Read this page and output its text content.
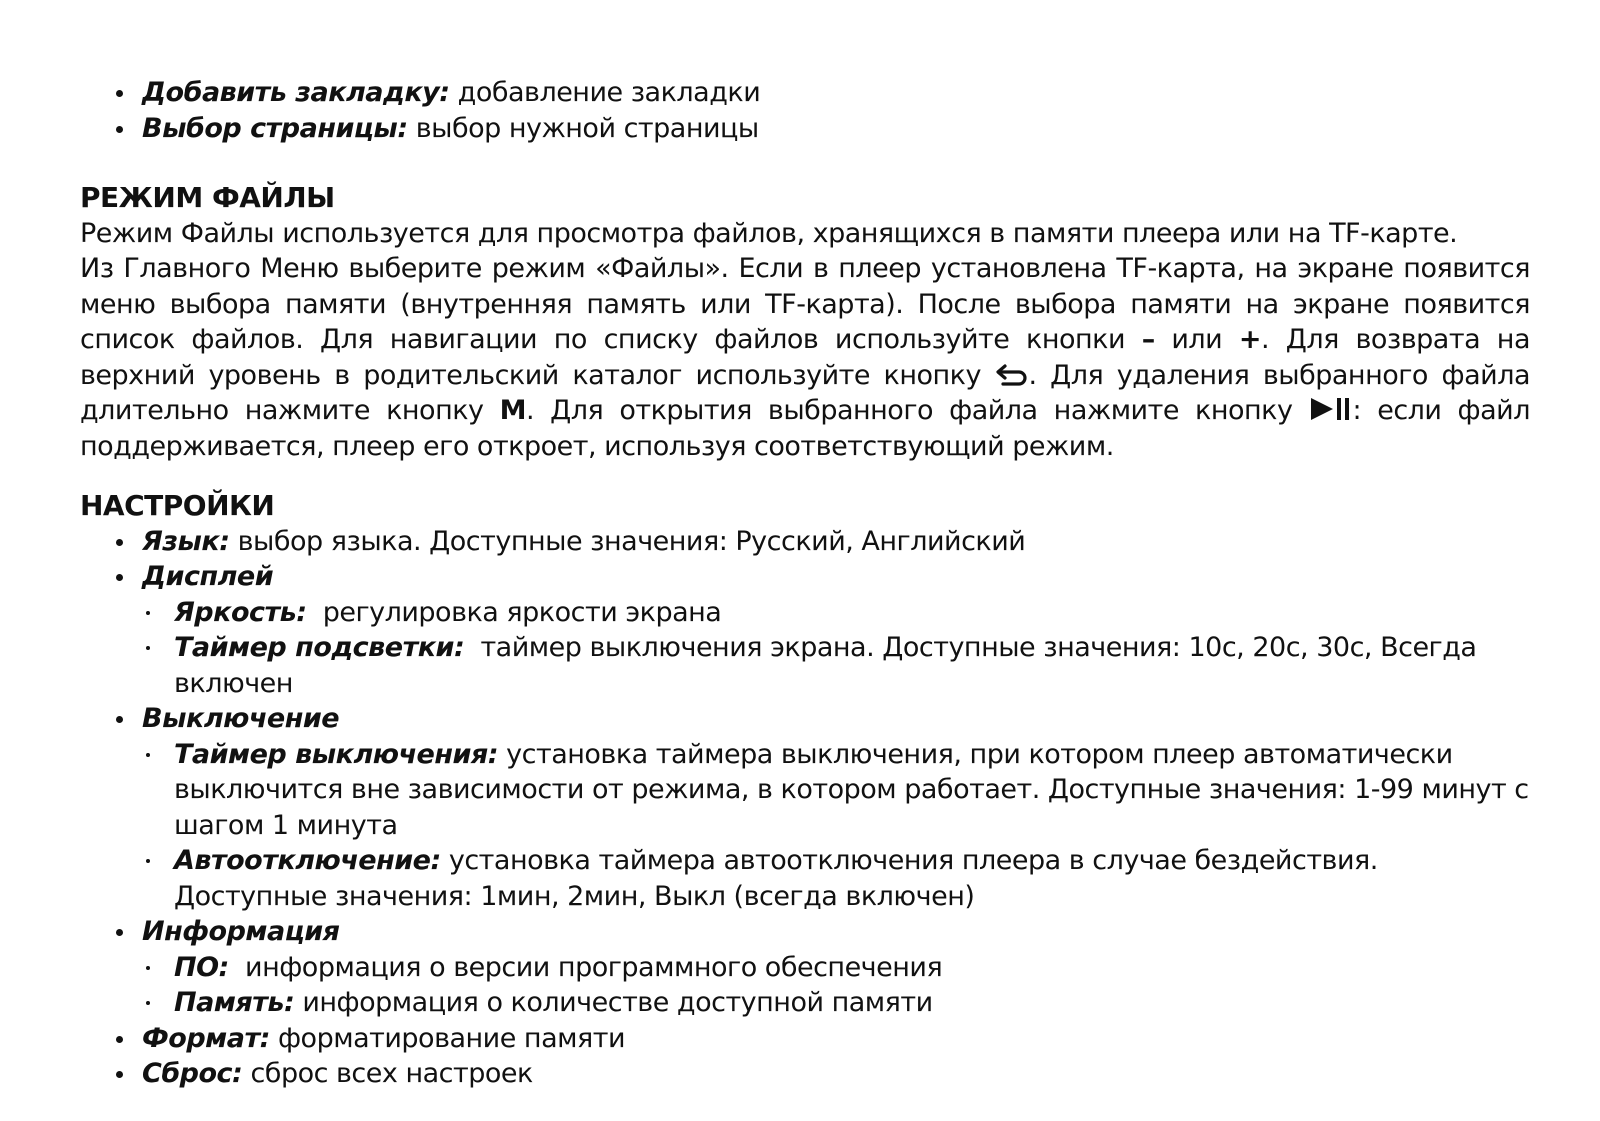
Добавить закладку: добавление закладки
Выбор страницы: выбор нужной страницы
РЕЖИМ ФАЙЛЫ

Режим Файлы используется для просмотра файлов, хранящихся в памяти плеера или на TF-карте.

Из Главного Меню выберите режим «Файлы». Если в плеер установлена TF-карта, на экране появится меню выбора памяти (внутренняя память или TF-карта). После выбора памяти на экране появится список файлов. Для навигации по списку файлов используйте кнопки – или +. Для возврата на верхний уровень в родительский каталог используйте кнопку . Для удаления выбранного файла длительно нажмите кнопку M. Для открытия выбранного файла нажмите кнопку : если файл поддерживается, плеер его откроет, используя соответствующий режим.

НАСТРОЙКИ
Язык: выбор языка. Доступные значения: Русский, Английский
Дисплей
Яркость:  регулировка яркости экрана
Таймер подсветки:  таймер выключения экрана. Доступные значения: 10с, 20с, 30с, Всегда включен
Выключение
Таймер выключения: установка таймера выключения, при котором плеер автоматически выключится вне зависимости от режима, в котором работает. Доступные значения: 1-99 минут с шагом 1 минута
Автоотключение: установка таймера автоотключения плеера в случае бездействия. Доступные значения: 1мин, 2мин, Выкл (всегда включен)
Информация
ПО:  информация о версии программного обеспечения
Память: информация о количестве доступной памяти
Формат: форматирование памяти
Сброс: сброс всех настроек
